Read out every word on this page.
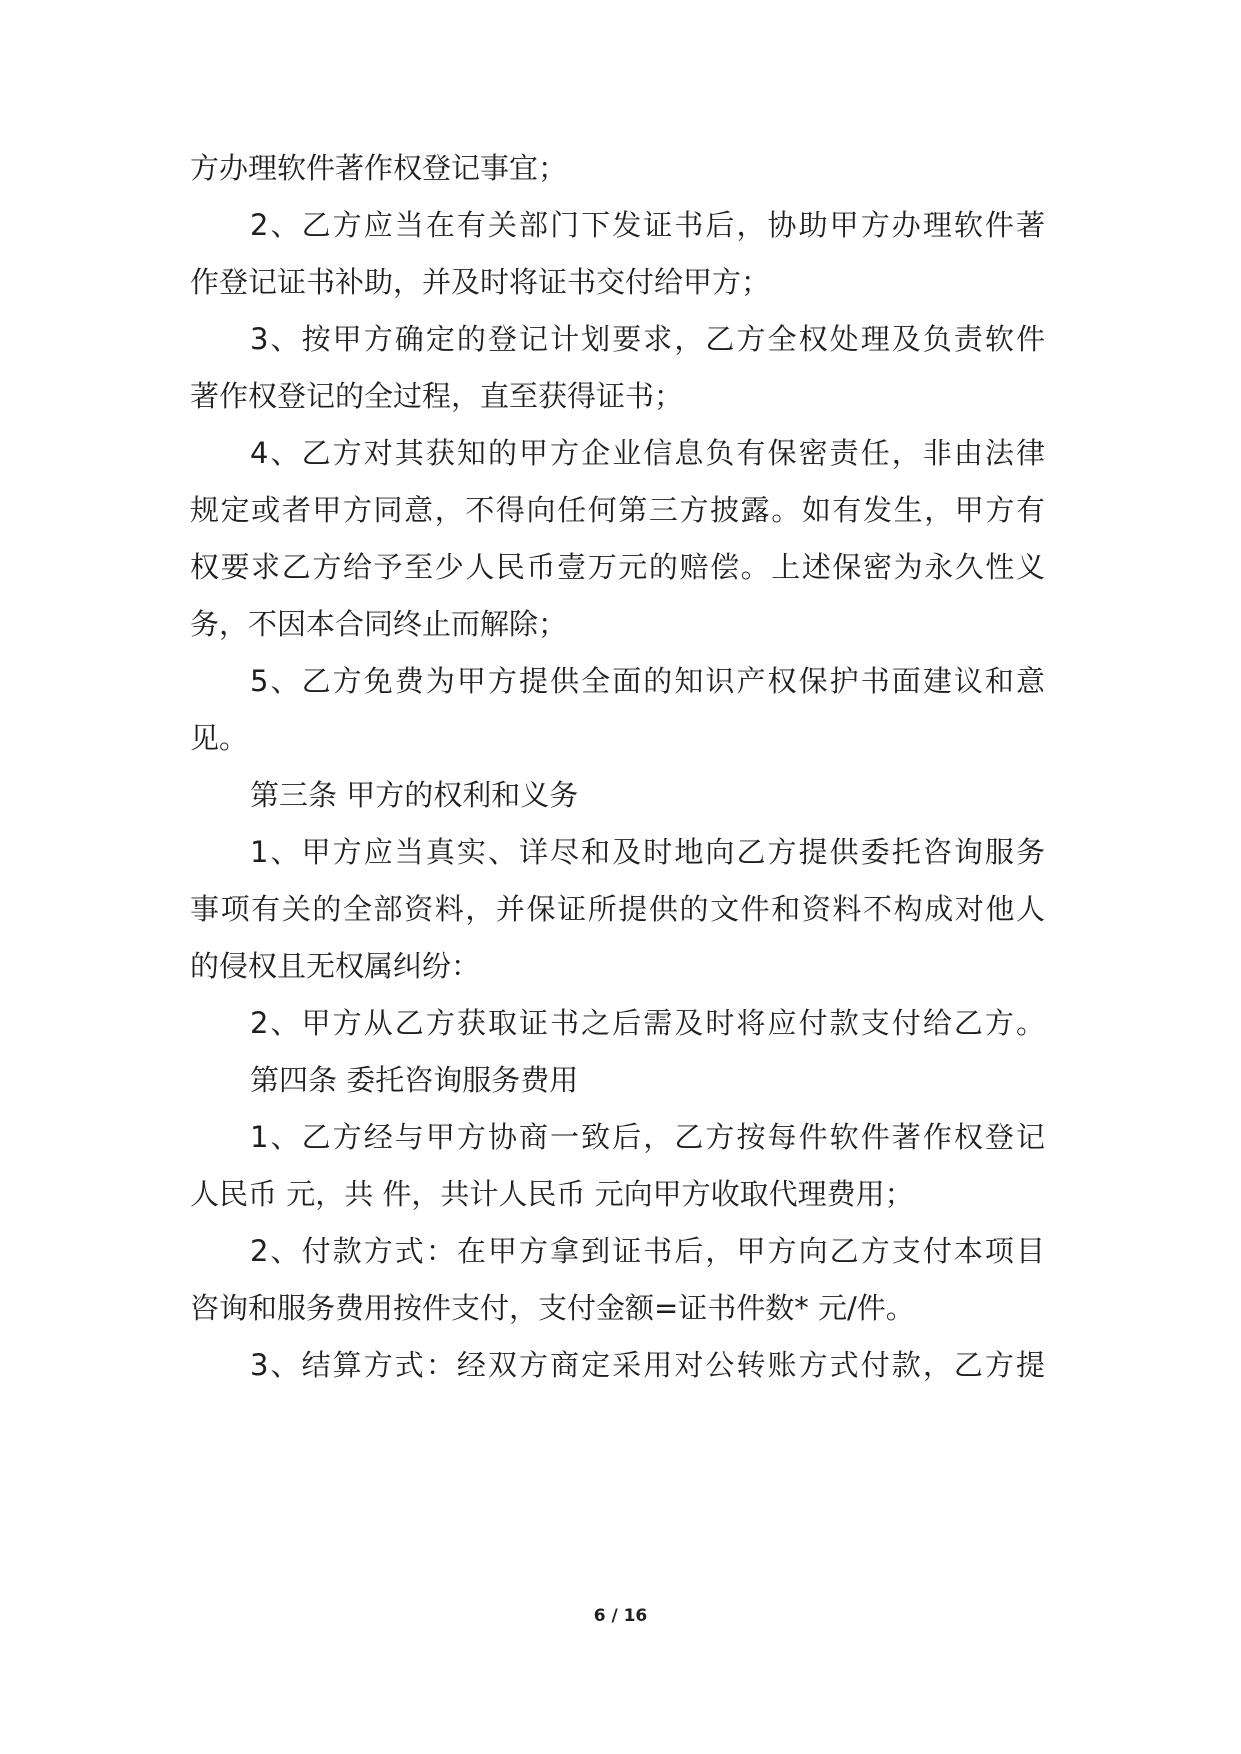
方办理软件著作权登记事宜；
2、乙方应当在有关部门下发证书后，协助甲方办理软件著
作登记证书补助，并及时将证书交付给甲方；
3、按甲方确定的登记计划要求，乙方全权处理及负责软件
著作权登记的全过程，直至获得证书；
4、乙方对其获知的甲方企业信息负有保密责任，非由法律
规定或者甲方同意，不得向任何第三方披露。如有发生，甲方有
权要求乙方给予至少人民币壹万元的赔偿。上述保密为永久性义
务，不因本合同终止而解除；
5、乙方免费为甲方提供全面的知识产权保护书面建议和意
见。
第三条 甲方的权利和义务
1、甲方应当真实、详尽和及时地向乙方提供委托咨询服务
事项有关的全部资料，并保证所提供的文件和资料不构成对他人
的侵权且无权属纠纷：
2、甲方从乙方获取证书之后需及时将应付款支付给乙方。
第四条 委托咨询服务费用
1、乙方经与甲方协商一致后，乙方按每件软件著作权登记
人民币 元，共 件，共计人民币 元向甲方收取代理费用；
2、付款方式：在甲方拿到证书后，甲方向乙方支付本项目
咨询和服务费用按件支付，支付金额=证书件数* 元/件。
3、结算方式：经双方商定采用对公转账方式付款，乙方提
6 / 16
